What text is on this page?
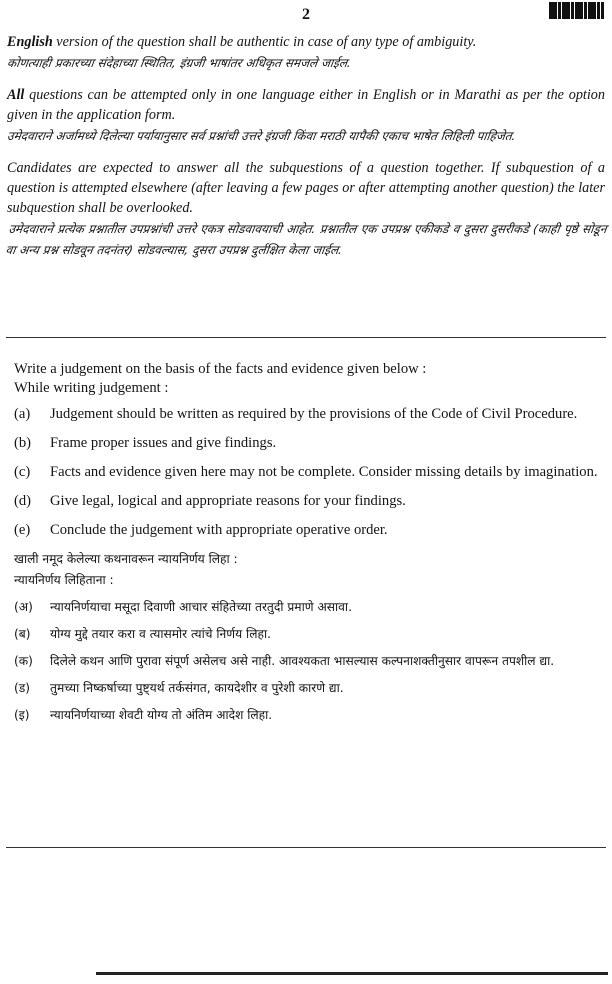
2
English version of the question shall be authentic in case of any type of ambiguity.
कोणत्याही प्रकारच्या संदेहाच्या स्थितित, इंग्रजी भाषांतर अधिकृत समजले जाईल.
All questions can be attempted only in one language either in English or in Marathi as per the option given in the application form.
उमेदवाराने अर्जामध्ये दिलेल्या पर्यायानुसार सर्व प्रश्नांची उत्तरे इंग्रजी किंवा मराठी यापैकी एकाच भाषेत लिहिली पाहिजेत.
Candidates are expected to answer all the subquestions of a question together. If subquestion of a question is attempted elsewhere (after leaving a few pages or after attempting another question) the later subquestion shall be overlooked.
उमेदवाराने प्रत्येक प्रश्नातील उपप्रश्नांची उत्तरे एकत्र सोडवावयाची आहेत. प्रश्नातील एक उपप्रश्न एकीकडे व दुसरा दुसरीकडे (काही पृष्ठे सोडून वा अन्य प्रश्न सोडवून तदनंतर) सोडवल्यास, दुसरा उपप्रश्न दुर्लक्षित केला जाईल.
Write a judgement on the basis of the facts and evidence given below :
While writing judgement :
(a)	Judgement should be written as required by the provisions of the Code of Civil Procedure.
(b)	Frame proper issues and give findings.
(c)	Facts and evidence given here may not be complete. Consider missing details by imagination.
(d)	Give legal, logical and appropriate reasons for your findings.
(e)	Conclude the judgement with appropriate operative order.
खाली नमूद केलेल्या कथनावरून न्यायनिर्णय लिहा :
न्यायनिर्णय लिहिताना :
(अ)	न्यायनिर्णयाचा मसूदा दिवाणी आचार संहितेच्या तरतुदी प्रमाणे असावा.
(ब)	योग्य मुद्दे तयार करा व त्यासमोर त्यांचे निर्णय लिहा.
(क)	दिलेले कथन आणि पुरावा संपूर्ण असेलच असे नाही. आवश्यकता भासल्यास कल्पनाशक्तीनुसार वापरून तपशील द्या.
(ड)	तुमच्या निष्कर्षाच्या पुष्ट्यर्थ तर्कसंगत, कायदेशीर व पुरेशी कारणे द्या.
(इ)	न्यायनिर्णयाच्या शेवटी योग्य तो अंतिम आदेश लिहा.
